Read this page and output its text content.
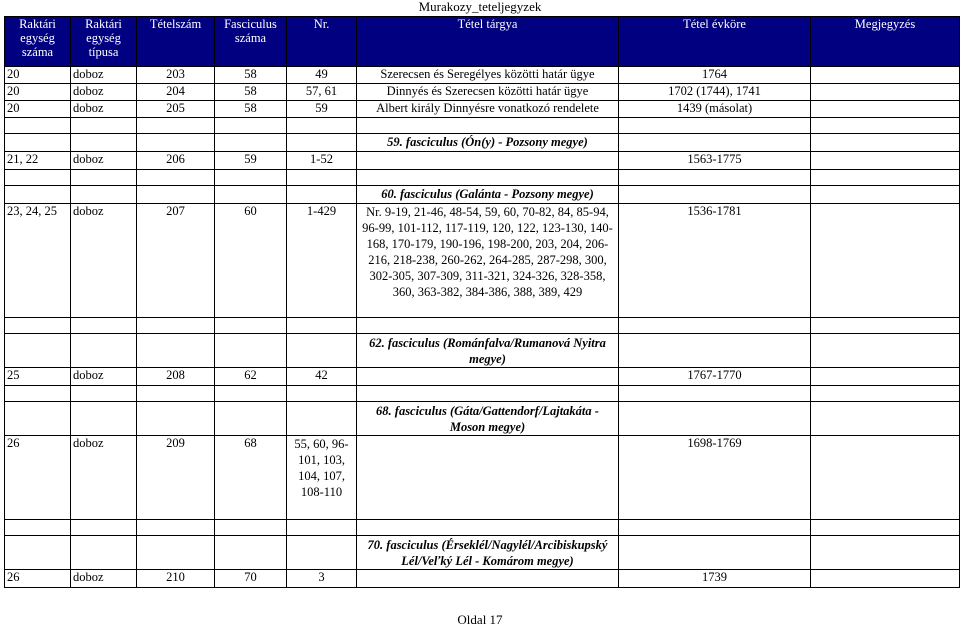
Murakozy_teteljegyzek
Raktári egység száma	Raktári egység típusa	Tételszám	Fasciculus száma	Nr.	Tétel tárgya	Tétel évköre	Megjegyzés
20	doboz	203	58	49	Szerecsen és Seregélyes közötti határ ügye	1764	
20	doboz	204	58	57, 61	Dinnyés és Szerecsen közötti határ ügye	1702 (1744), 1741	
20	doboz	205	58	59	Albert király Dinnyésre vonatkozó rendelete	1439 (másolat)	

					59. fasciculus (Ón(y) - Pozsony megye)		
21, 22	doboz	206	59	1-52		1563-1775	

					60. fasciculus (Galánta - Pozsony megye)		
23, 24, 25	doboz	207	60	1-429	Nr. 9-19, 21-46, 48-54, 59, 60, 70-82, 84, 85-94, 96-99, 101-112, 117-119, 120, 122, 123-130, 140-168, 170-179, 190-196, 198-200, 203, 204, 206-216, 218-238, 260-262, 264-285, 287-298, 300, 302-305, 307-309, 311-321, 324-326, 328-358, 360, 363-382, 384-386, 388, 389, 429	1536-1781	

					62. fasciculus (Románfalva/Rumanová Nyitra megye)		
25	doboz	208	62	42		1767-1770	

					68. fasciculus (Gáta/Gattendorf/Lajtakáta - Moson megye)		
26	doboz	209	68	55, 60, 96-101, 103, 104, 107, 108-110		1698-1769	

					70. fasciculus (Érseklél/Nagylél/Arcibiskupský Lél/Veľký Lél - Komárom megye)		
26	doboz	210	70	3		1739	
Oldal 17
